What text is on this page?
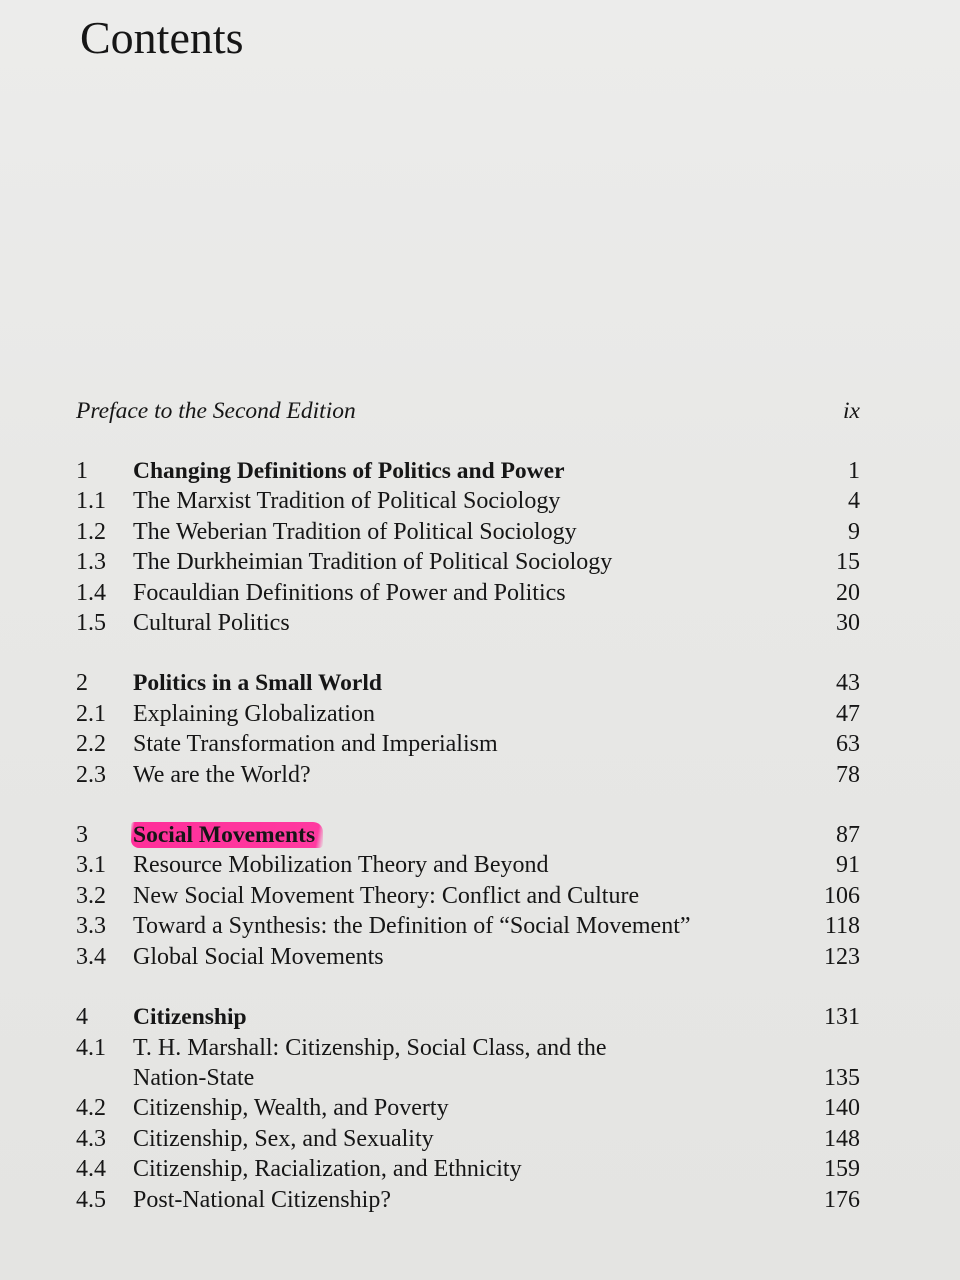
Contents
Preface to the Second Edition	ix
1	Changing Definitions of Politics and Power	1
1.1	The Marxist Tradition of Political Sociology	4
1.2	The Weberian Tradition of Political Sociology	9
1.3	The Durkheimian Tradition of Political Sociology	15
1.4	Focauldian Definitions of Power and Politics	20
1.5	Cultural Politics	30
2	Politics in a Small World	43
2.1	Explaining Globalization	47
2.2	State Transformation and Imperialism	63
2.3	We are the World?	78
3	Social Movements	87
3.1	Resource Mobilization Theory and Beyond	91
3.2	New Social Movement Theory: Conflict and Culture	106
3.3	Toward a Synthesis: the Definition of “Social Movement”	118
3.4	Global Social Movements	123
4	Citizenship	131
4.1	T. H. Marshall: Citizenship, Social Class, and the
Nation-State	135
4.2	Citizenship, Wealth, and Poverty	140
4.3	Citizenship, Sex, and Sexuality	148
4.4	Citizenship, Racialization, and Ethnicity	159
4.5	Post-National Citizenship?	176
